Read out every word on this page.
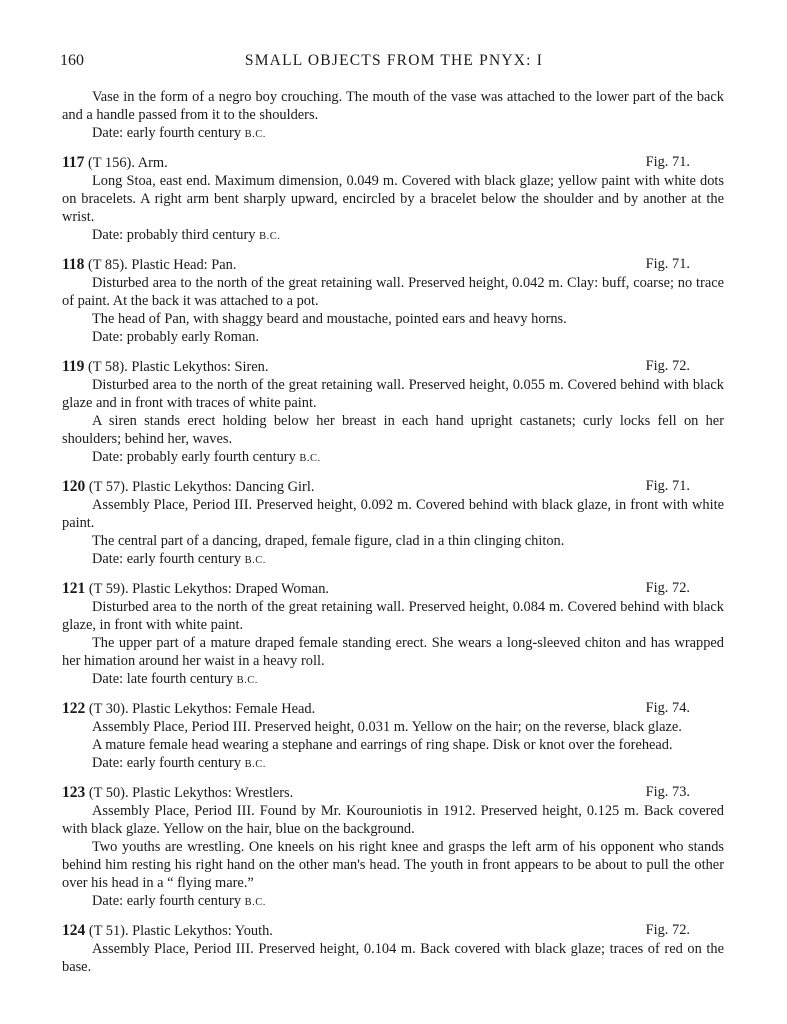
160	SMALL OBJECTS FROM THE PNYX: I

Vase in the form of a negro boy crouching. The mouth of the vase was attached to the lower part of the back and a handle passed from it to the shoulders.

Date: early fourth century B.C.

117 (T 156). Arm.	Fig. 71.

Long Stoa, east end. Maximum dimension, 0.049 m. Covered with black glaze; yellow paint with white dots on bracelets. A right arm bent sharply upward, encircled by a bracelet below the shoulder and by another at the wrist.

Date: probably third century B.C.

118 (T 85). Plastic Head: Pan.	Fig. 71.

Disturbed area to the north of the great retaining wall. Preserved height, 0.042 m. Clay: buff, coarse; no trace of paint. At the back it was attached to a pot.

The head of Pan, with shaggy beard and moustache, pointed ears and heavy horns.

Date: probably early Roman.

119 (T 58). Plastic Lekythos: Siren.	Fig. 72.

Disturbed area to the north of the great retaining wall. Preserved height, 0.055 m. Covered behind with black glaze and in front with traces of white paint.

A siren stands erect holding below her breast in each hand upright castanets; curly locks fell on her shoulders; behind her, waves.

Date: probably early fourth century B.C.

120 (T 57). Plastic Lekythos: Dancing Girl.	Fig. 71.

Assembly Place, Period III. Preserved height, 0.092 m. Covered behind with black glaze, in front with white paint.

The central part of a dancing, draped, female figure, clad in a thin clinging chiton.

Date: early fourth century B.C.

121 (T 59). Plastic Lekythos: Draped Woman.	Fig. 72.

Disturbed area to the north of the great retaining wall. Preserved height, 0.084 m. Covered behind with black glaze, in front with white paint.

The upper part of a mature draped female standing erect. She wears a long-sleeved chiton and has wrapped her himation around her waist in a heavy roll.

Date: late fourth century B.C.

122 (T 30). Plastic Lekythos: Female Head.	Fig. 74.

Assembly Place, Period III. Preserved height, 0.031 m. Yellow on the hair; on the reverse, black glaze.

A mature female head wearing a stephane and earrings of ring shape. Disk or knot over the forehead.

Date: early fourth century B.C.

123 (T 50). Plastic Lekythos: Wrestlers.	Fig. 73.

Assembly Place, Period III. Found by Mr. Kourouniotis in 1912. Preserved height, 0.125 m. Back covered with black glaze. Yellow on the hair, blue on the background.

Two youths are wrestling. One kneels on his right knee and grasps the left arm of his opponent who stands behind him resting his right hand on the other man's head. The youth in front appears to be about to pull the other over his head in a “ flying mare.”

Date: early fourth century B.C.

124 (T 51). Plastic Lekythos: Youth.	Fig. 72.

Assembly Place, Period III. Preserved height, 0.104 m. Back covered with black glaze; traces of red on the base.
